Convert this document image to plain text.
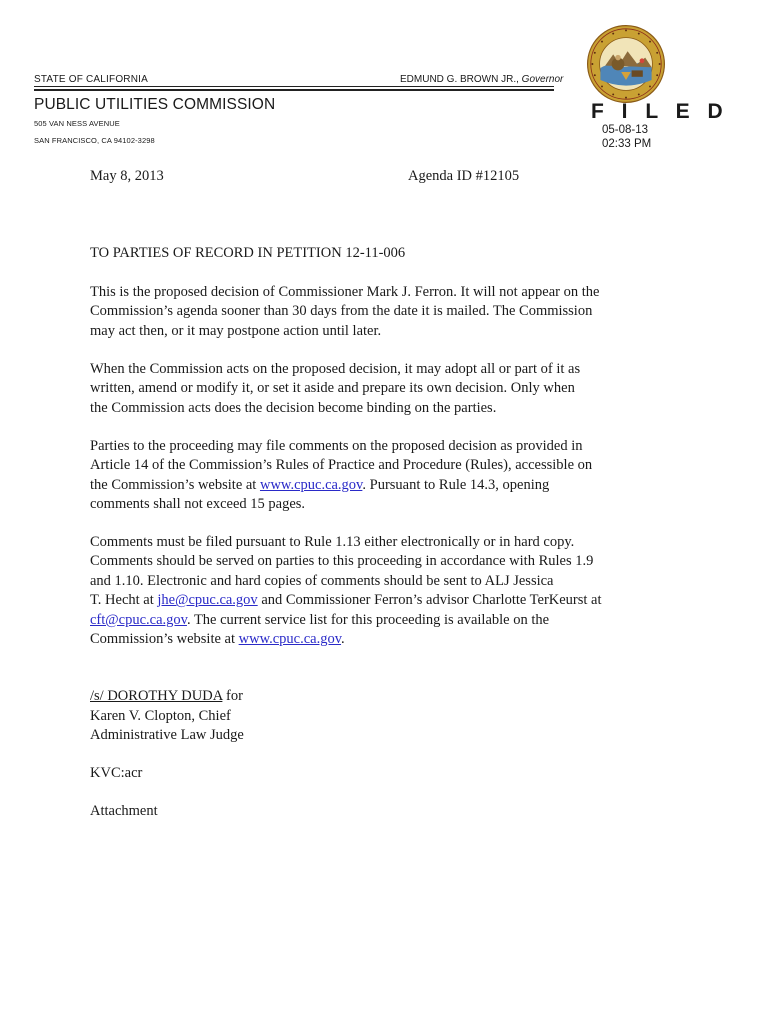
STATE OF CALIFORNIA	EDMUND G. BROWN JR., Governor
PUBLIC UTILITIES COMMISSION
505 VAN NESS AVENUE
SAN FRANCISCO, CA 94102-3298
F I L E D
05-08-13
02:33 PM
May 8, 2013	Agenda ID #12105
TO PARTIES OF RECORD IN PETITION 12-11-006
This is the proposed decision of Commissioner Mark J. Ferron. It will not appear on the
Commission’s agenda sooner than 30 days from the date it is mailed. The Commission
may act then, or it may postpone action until later.
When the Commission acts on the proposed decision, it may adopt all or part of it as
written, amend or modify it, or set it aside and prepare its own decision. Only when
the Commission acts does the decision become binding on the parties.
Parties to the proceeding may file comments on the proposed decision as provided in
Article 14 of the Commission’s Rules of Practice and Procedure (Rules), accessible on
the Commission’s website at www.cpuc.ca.gov. Pursuant to Rule 14.3, opening
comments shall not exceed 15 pages.
Comments must be filed pursuant to Rule 1.13 either electronically or in hard copy.
Comments should be served on parties to this proceeding in accordance with Rules 1.9
and 1.10. Electronic and hard copies of comments should be sent to ALJ Jessica
T. Hecht at jhe@cpuc.ca.gov and Commissioner Ferron’s advisor Charlotte TerKeurst at
cft@cpuc.ca.gov. The current service list for this proceeding is available on the
Commission’s website at www.cpuc.ca.gov.
/s/ DOROTHY DUDA for
Karen V. Clopton, Chief
Administrative Law Judge
KVC:acr
Attachment
